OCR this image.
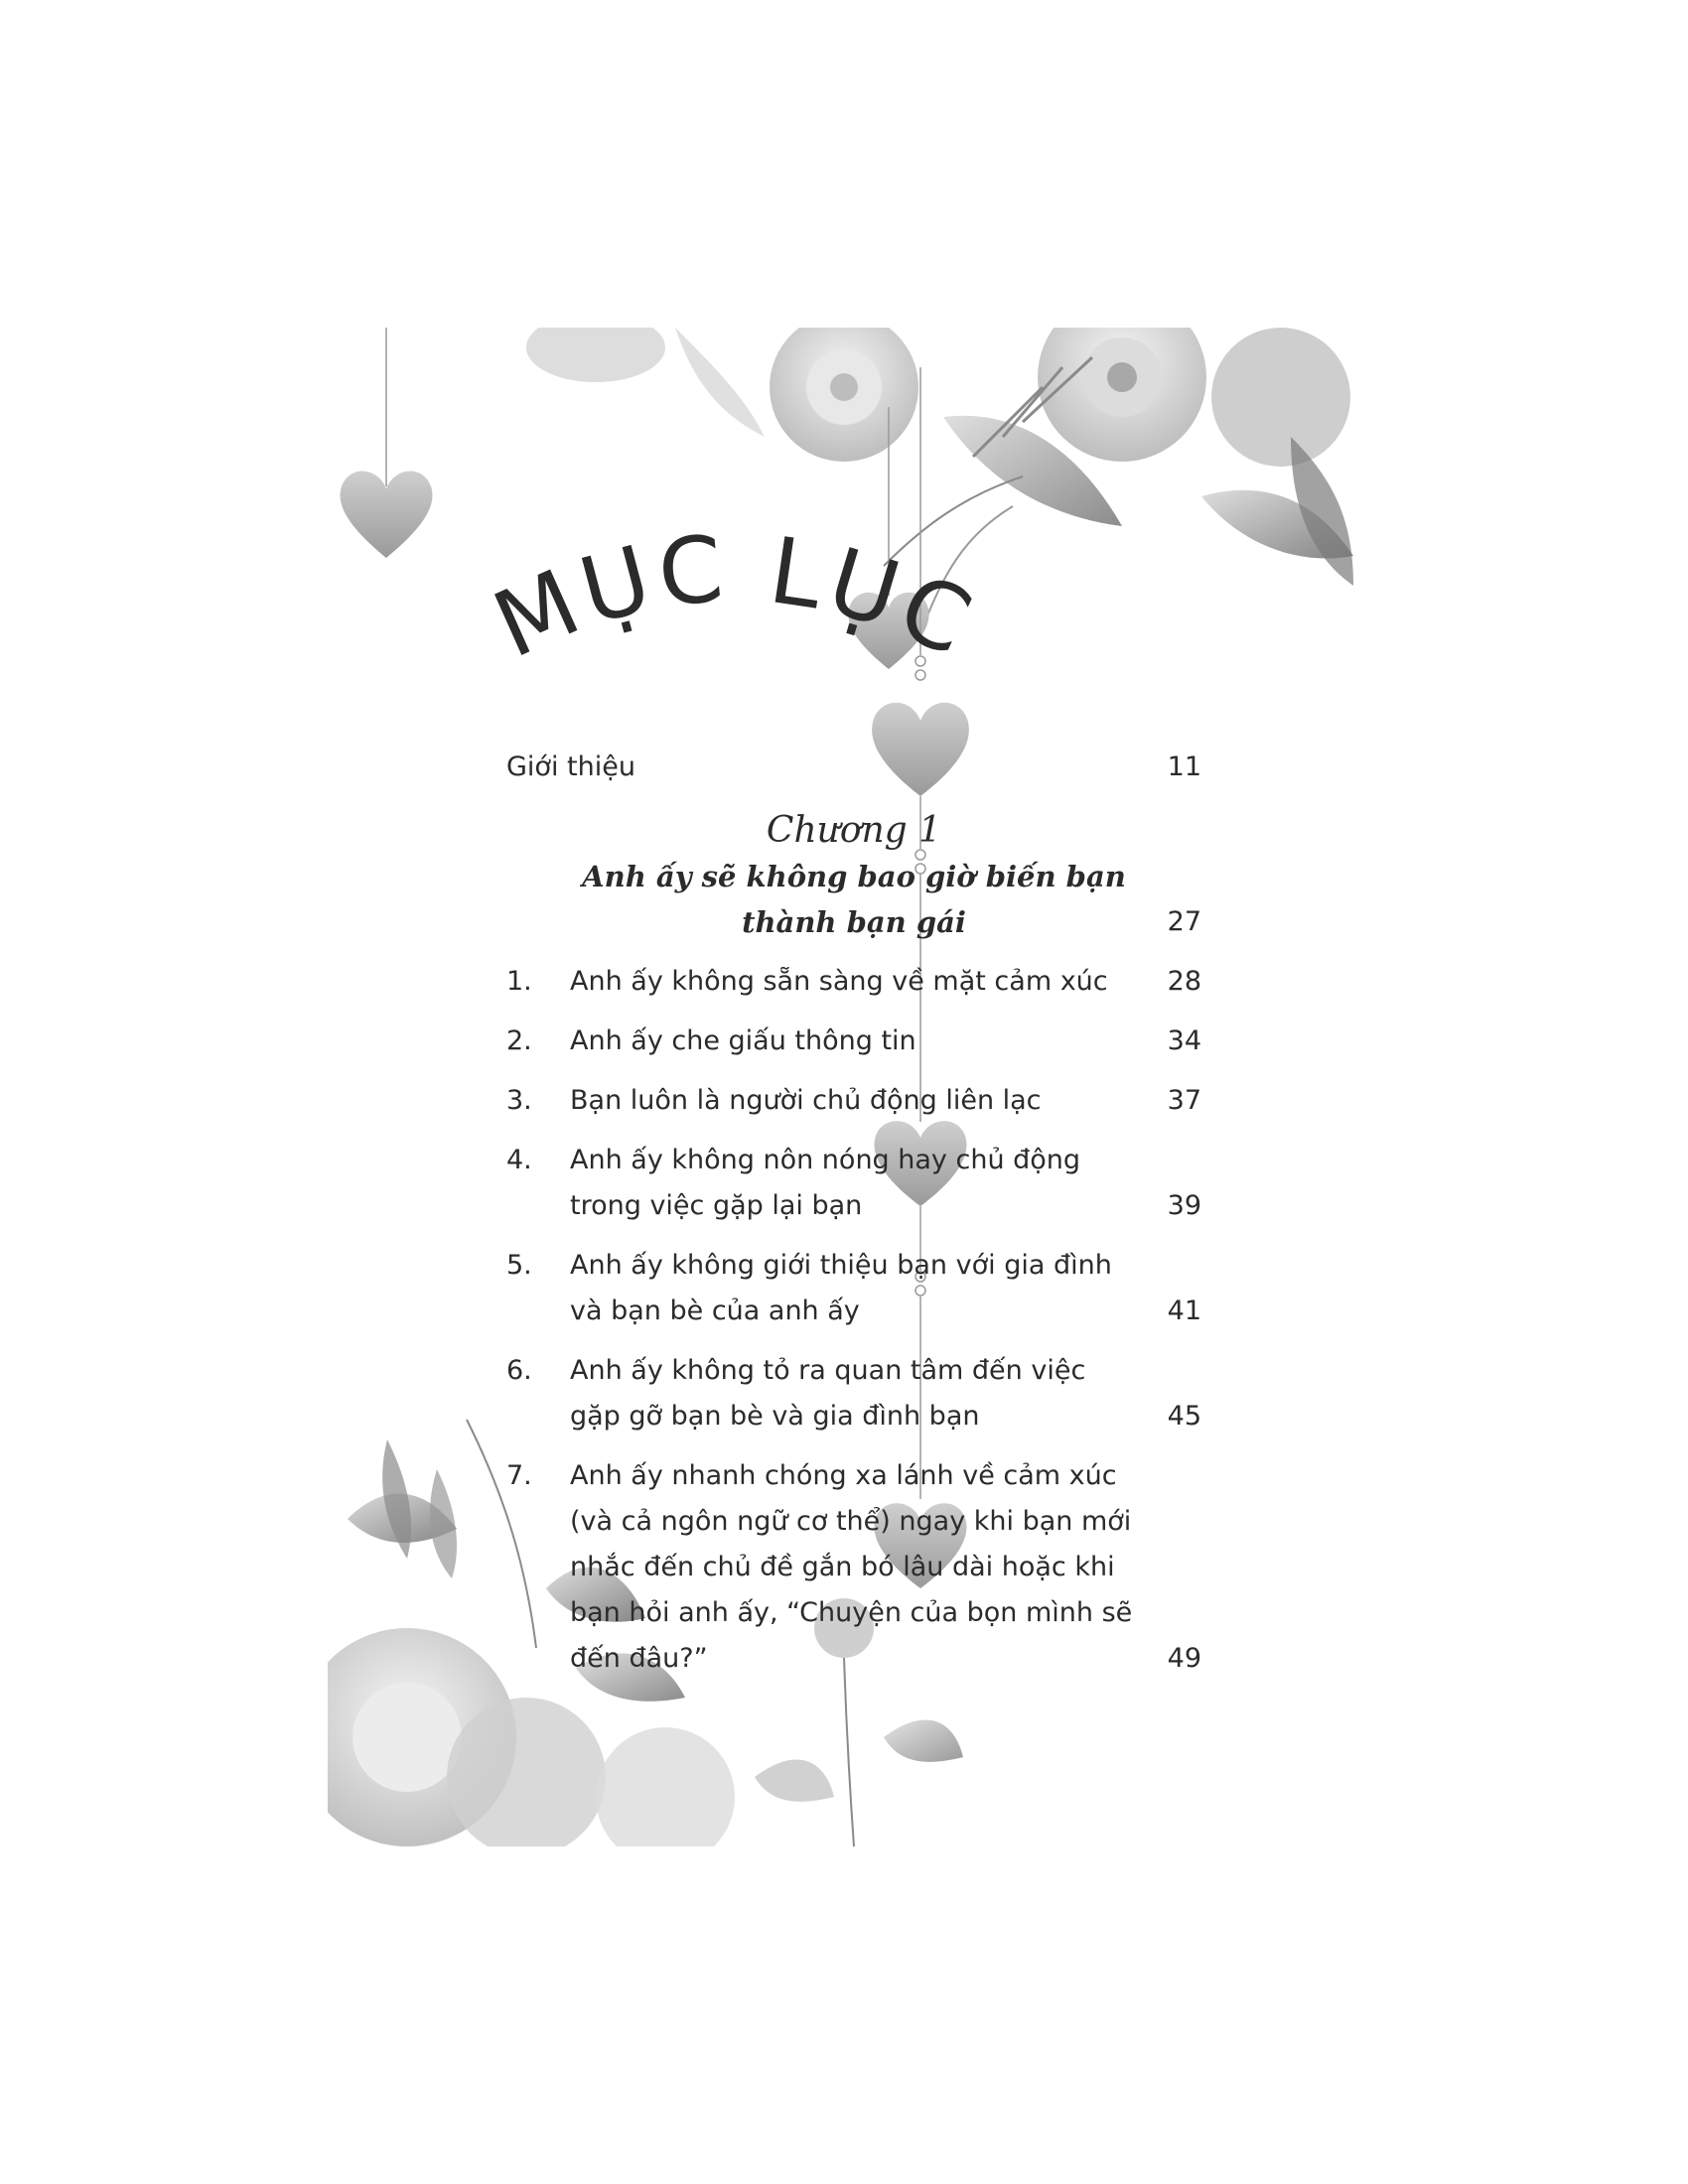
MỤC LỤC
Giới thiệu	11
Chương 1
Anh ấy sẽ không bao giờ biến bạn thành bạn gái	27
1.	Anh ấy không sẵn sàng về mặt cảm xúc	28
2.	Anh ấy che giấu thông tin	34
3.	Bạn luôn là người chủ động liên lạc	37
4.	Anh ấy không nôn nóng hay chủ động trong việc gặp lại bạn	39
5.	Anh ấy không giới thiệu bạn với gia đình và bạn bè của anh ấy	41
6.	Anh ấy không tỏ ra quan tâm đến việc gặp gỡ bạn bè và gia đình bạn	45
7.	Anh ấy nhanh chóng xa lánh về cảm xúc (và cả ngôn ngữ cơ thể) ngay khi bạn mới nhắc đến chủ đề gắn bó lâu dài hoặc khi bạn hỏi anh ấy, “Chuyện của bọn mình sẽ đến đâu?”	49
